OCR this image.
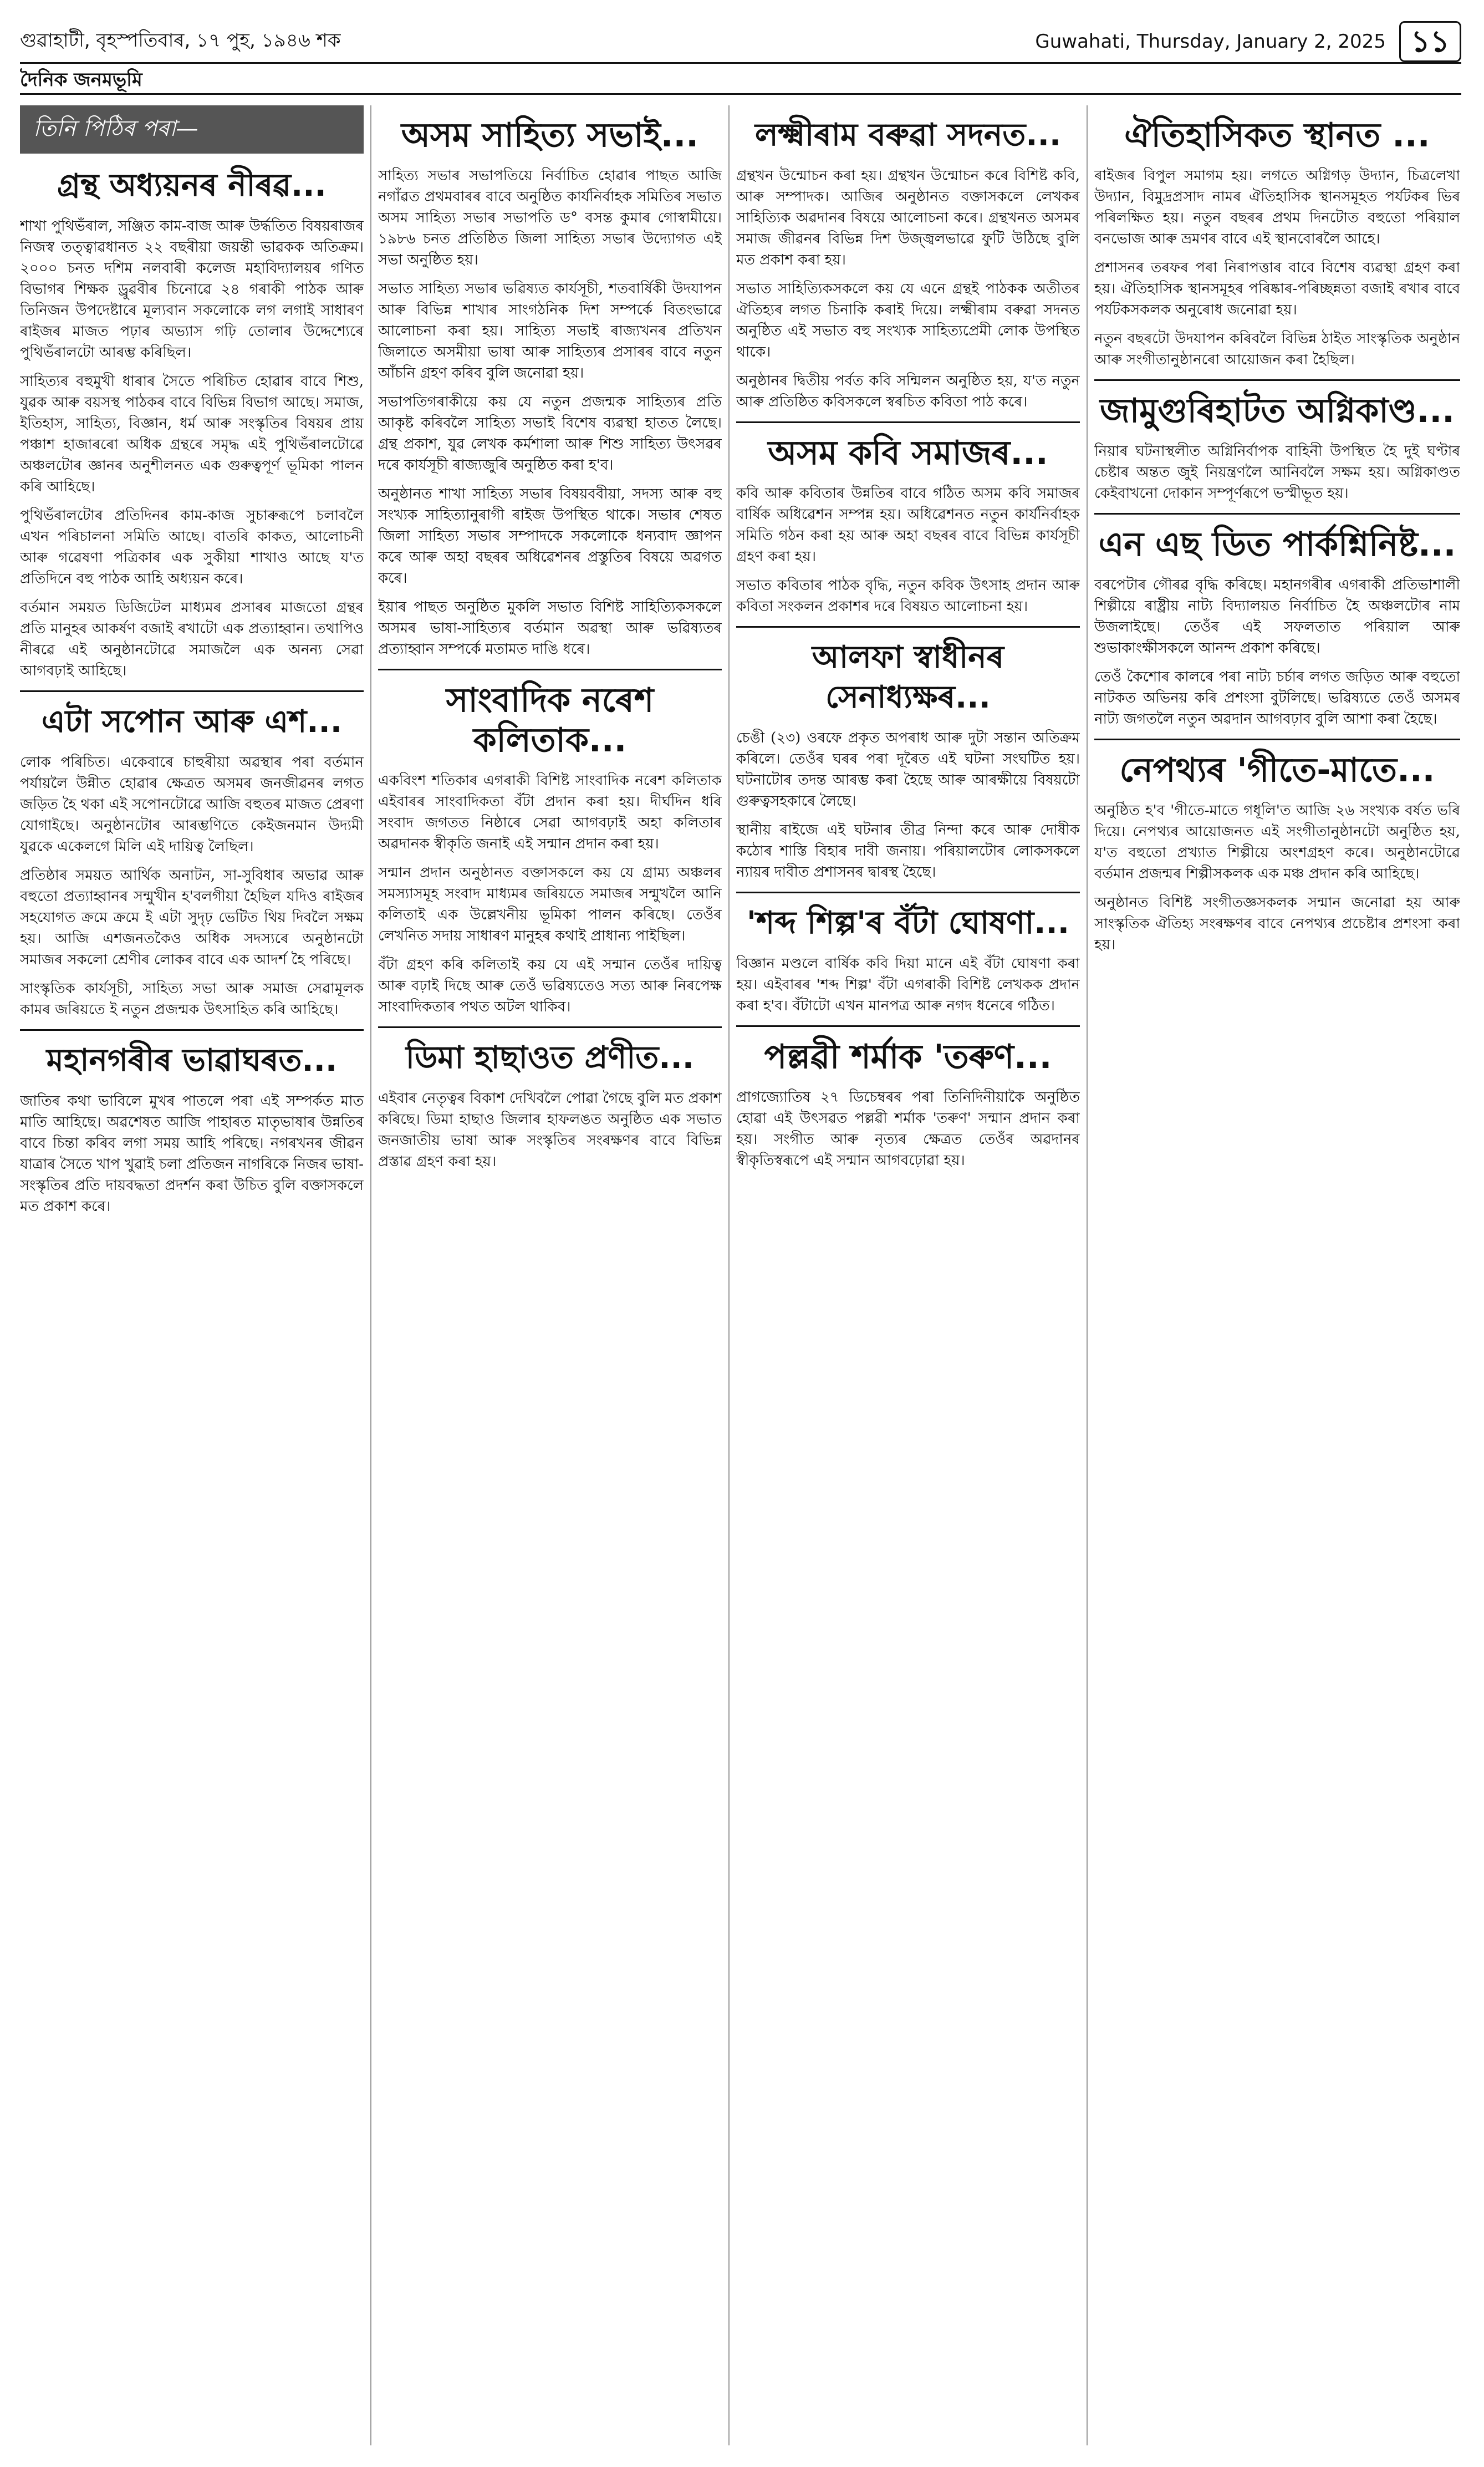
গুৱাহাটী, বৃহস্পতিবাৰ, ১৭ পুহ, ১৯৪৬ শক	Guwahati, Thursday, January 2, 2025 ১১
দৈনিক জনমভূমি
তিনি পিঠিৰ পৰা—
গ্ৰন্থ অধ্যয়নৰ নীৰৱ...

শাখা পুথিভঁৰাল, সঞ্জিত কাম-বাজ আৰু উৰ্দ্ধতিত বিষয়ৰাজৰ নিজস্ব তত্ত্বাৱধানত ২২ বছৰীয়া জয়ন্তী ভাৱকক অতিক্ৰম। ২০০০ চনত দশিম নলবাৰী কলেজ মহাবিদ্যালয়ৰ গণিত বিভাগৰ শিক্ষক ড্ৰুৱবীৰ চিনোৱে ২৪ গৰাকী পাঠক আৰু তিনিজন উপদেষ্টাৰে মূল্যবান সকলোকে লগ লগাই সাধাৰণ ৰাইজৰ মাজত পঢ়াৰ অভ্যাস গঢ়ি তোলাৰ উদ্দেশ্যেৰে পুথিভঁৰালটো আৰম্ভ কৰিছিল।

সাহিত্যৰ বহুমুখী ধাৰাৰ সৈতে পৰিচিত হোৱাৰ বাবে শিশু, যুৱক আৰু বয়সস্থ পাঠকৰ বাবে বিভিন্ন বিভাগ আছে। সমাজ, ইতিহাস, সাহিত্য, বিজ্ঞান, ধৰ্ম আৰু সংস্কৃতিৰ বিষয়ৰ প্ৰায় পঞ্চাশ হাজাৰৰো অধিক গ্ৰন্থৰে সমৃদ্ধ এই পুথিভঁৰালটোৱে অঞ্চলটোৰ জ্ঞানৰ অনুশীলনত এক গুৰুত্বপূৰ্ণ ভূমিকা পালন কৰি আহিছে।

পুথিভঁৰালটোৰ প্ৰতিদিনৰ কাম-কাজ সুচাৰুৰূপে চলাবলৈ এখন পৰিচালনা সমিতি আছে। বাতৰি কাকত, আলোচনী আৰু গৱেষণা পত্ৰিকাৰ এক সুকীয়া শাখাও আছে য'ত প্ৰতিদিনে বহু পাঠক আহি অধ্যয়ন কৰে।

বৰ্তমান সময়ত ডিজিটেল মাধ্যমৰ প্ৰসাৰৰ মাজতো গ্ৰন্থৰ প্ৰতি মানুহৰ আকৰ্ষণ বজাই ৰখাটো এক প্ৰত্যাহ্বান। তথাপিও নীৰৱে এই অনুষ্ঠানটোৱে সমাজলৈ এক অনন্য সেৱা আগবঢ়াই আহিছে।

এটা সপোন আৰু এশ...

লোক পৰিচিত। একেবাৰে চাহুৰীয়া অৱস্থাৰ পৰা বৰ্তমান পৰ্যায়লৈ উন্নীত হোৱাৰ ক্ষেত্ৰত অসমৰ জনজীৱনৰ লগত জড়িত হৈ থকা এই সপোনটোৱে আজি বহুতৰ মাজত প্ৰেৰণা যোগাইছে। অনুষ্ঠানটোৰ আৰম্ভণিতে কেইজনমান উদ্যমী যুৱকে একেলগে মিলি এই দায়িত্ব লৈছিল।

প্ৰতিষ্ঠাৰ সময়ত আৰ্থিক অনাটন, সা-সুবিধাৰ অভাৱ আৰু বহুতো প্ৰত্যাহ্বানৰ সন্মুখীন হ'বলগীয়া হৈছিল যদিও ৰাইজৰ সহযোগত ক্ৰমে ক্ৰমে ই এটা সুদৃঢ় ভেটিত থিয় দিবলৈ সক্ষম হয়। আজি এশজনতকৈও অধিক সদস্যৰে অনুষ্ঠানটো সমাজৰ সকলো শ্ৰেণীৰ লোকৰ বাবে এক আদৰ্শ হৈ পৰিছে।

সাংস্কৃতিক কাৰ্যসূচী, সাহিত্য সভা আৰু সমাজ সেৱামূলক কামৰ জৰিয়তে ই নতুন প্ৰজন্মক উৎসাহিত কৰি আহিছে।

মহানগৰীৰ ভাৱাঘৰত...

জাতিৰ কথা ভাবিলে মুখৰ পাতলে পৰা এই সম্পৰ্কত মাত মাতি আহিছে। অৱশেষত আজি পাহাৰত মাতৃভাষাৰ উন্নতিৰ বাবে চিন্তা কৰিব লগা সময় আহি পৰিছে। নগৰখনৰ জীৱন যাত্ৰাৰ সৈতে খাপ খুৱাই চলা প্ৰতিজন নাগৰিকে নিজৰ ভাষা-সংস্কৃতিৰ প্ৰতি দায়বদ্ধতা প্ৰদৰ্শন কৰা উচিত বুলি বক্তাসকলে মত প্ৰকাশ কৰে।

অসম সাহিত্য সভাই...

সাহিত্য সভাৰ সভাপতিয়ে নিৰ্বাচিত হোৱাৰ পাছত আজি নগাঁৱত প্ৰথমবাৰৰ বাবে অনুষ্ঠিত কাৰ্যনিৰ্বাহক সমিতিৰ সভাত অসম সাহিত্য সভাৰ সভাপতি ড° বসন্ত কুমাৰ গোস্বামীয়ে। ১৯৮৬ চনত প্ৰতিষ্ঠিত জিলা সাহিত্য সভাৰ উদ্যোগত এই সভা অনুষ্ঠিত হয়।

সভাত সাহিত্য সভাৰ ভৱিষ্যত কাৰ্যসূচী, শতবাৰ্ষিকী উদযাপন আৰু বিভিন্ন শাখাৰ সাংগঠনিক দিশ সম্পৰ্কে বিতংভাৱে আলোচনা কৰা হয়। সাহিত্য সভাই ৰাজ্যখনৰ প্ৰতিখন জিলাতে অসমীয়া ভাষা আৰু সাহিত্যৰ প্ৰসাৰৰ বাবে নতুন আঁচনি গ্ৰহণ কৰিব বুলি জনোৱা হয়।

সভাপতিগৰাকীয়ে কয় যে নতুন প্ৰজন্মক সাহিত্যৰ প্ৰতি আকৃষ্ট কৰিবলৈ সাহিত্য সভাই বিশেষ ব্যৱস্থা হাতত লৈছে। গ্ৰন্থ প্ৰকাশ, যুৱ লেখক কৰ্মশালা আৰু শিশু সাহিত্য উৎসৱৰ দৰে কাৰ্যসূচী ৰাজ্যজুৰি অনুষ্ঠিত কৰা হ'ব।

অনুষ্ঠানত শাখা সাহিত্য সভাৰ বিষয়ববীয়া, সদস্য আৰু বহু সংখ্যক সাহিত্যানুৰাগী ৰাইজ উপস্থিত থাকে। সভাৰ শেষত জিলা সাহিত্য সভাৰ সম্পাদকে সকলোকে ধন্যবাদ জ্ঞাপন কৰে আৰু অহা বছৰৰ অধিৱেশনৰ প্ৰস্তুতিৰ বিষয়ে অৱগত কৰে।

ইয়াৰ পাছত অনুষ্ঠিত মুকলি সভাত বিশিষ্ট সাহিত্যিকসকলে অসমৰ ভাষা-সাহিত্যৰ বৰ্তমান অৱস্থা আৰু ভৱিষ্যতৰ প্ৰত্যাহ্বান সম্পৰ্কে মতামত দাঙি ধৰে।

সাংবাদিক নৰেশ কলিতাক...

একবিংশ শতিকাৰ এগৰাকী বিশিষ্ট সাংবাদিক নৰেশ কলিতাক এইবাৰৰ সাংবাদিকতা বঁটা প্ৰদান কৰা হয়। দীৰ্ঘদিন ধৰি সংবাদ জগতত নিষ্ঠাৰে সেৱা আগবঢ়াই অহা কলিতাৰ অৱদানক স্বীকৃতি জনাই এই সন্মান প্ৰদান কৰা হয়।

সন্মান প্ৰদান অনুষ্ঠানত বক্তাসকলে কয় যে গ্ৰাম্য অঞ্চলৰ সমস্যাসমূহ সংবাদ মাধ্যমৰ জৰিয়তে সমাজৰ সন্মুখলৈ আনি কলিতাই এক উল্লেখনীয় ভূমিকা পালন কৰিছে। তেওঁৰ লেখনিত সদায় সাধাৰণ মানুহৰ কথাই প্ৰাধান্য পাইছিল।

বঁটা গ্ৰহণ কৰি কলিতাই কয় যে এই সন্মান তেওঁৰ দায়িত্ব আৰু বঢ়াই দিছে আৰু তেওঁ ভৱিষ্যতেও সত্য আৰু নিৰপেক্ষ সাংবাদিকতাৰ পথত অটল থাকিব।

ডিমা হাছাওত প্ৰণীত...

এইবাৰ নেতৃত্বৰ বিকাশ দেখিবলৈ পোৱা গৈছে বুলি মত প্ৰকাশ কৰিছে। ডিমা হাছাও জিলাৰ হাফলঙত অনুষ্ঠিত এক সভাত জনজাতীয় ভাষা আৰু সংস্কৃতিৰ সংৰক্ষণৰ বাবে বিভিন্ন প্ৰস্তাৱ গ্ৰহণ কৰা হয়।

লক্ষ্মীৰাম বৰুৱা সদনত...

গ্ৰন্থখন উন্মোচন কৰা হয়। গ্ৰন্থখন উন্মোচন কৰে বিশিষ্ট কবি, আৰু সম্পাদক। আজিৰ অনুষ্ঠানত বক্তাসকলে লেখকৰ সাহিত্যিক অৱদানৰ বিষয়ে আলোচনা কৰে। গ্ৰন্থখনত অসমৰ সমাজ জীৱনৰ বিভিন্ন দিশ উজ্জ্বলভাৱে ফুটি উঠিছে বুলি মত প্ৰকাশ কৰা হয়।

সভাত সাহিত্যিকসকলে কয় যে এনে গ্ৰন্থই পাঠকক অতীতৰ ঐতিহ্যৰ লগত চিনাকি কৰাই দিয়ে। লক্ষ্মীৰাম বৰুৱা সদনত অনুষ্ঠিত এই সভাত বহু সংখ্যক সাহিত্যপ্ৰেমী লোক উপস্থিত থাকে।

অনুষ্ঠানৰ দ্বিতীয় পৰ্বত কবি সন্মিলন অনুষ্ঠিত হয়, য'ত নতুন আৰু প্ৰতিষ্ঠিত কবিসকলে স্বৰচিত কবিতা পাঠ কৰে।

অসম কবি সমাজৰ...

কবি আৰু কবিতাৰ উন্নতিৰ বাবে গঠিত অসম কবি সমাজৰ বাৰ্ষিক অধিৱেশন সম্পন্ন হয়। অধিৱেশনত নতুন কাৰ্যনিৰ্বাহক সমিতি গঠন কৰা হয় আৰু অহা বছৰৰ বাবে বিভিন্ন কাৰ্যসূচী গ্ৰহণ কৰা হয়।

সভাত কবিতাৰ পাঠক বৃদ্ধি, নতুন কবিক উৎসাহ প্ৰদান আৰু কবিতা সংকলন প্ৰকাশৰ দৰে বিষয়ত আলোচনা হয়।

আলফা স্বাধীনৰ সেনাধ্যক্ষৰ...

চেঙী (২৩) ওৰফে প্ৰকৃত অপৰাধ আৰু দুটা সন্তান অতিক্ৰম কৰিলে। তেওঁৰ ঘৰৰ পৰা দূৰৈত এই ঘটনা সংঘটিত হয়। ঘটনাটোৰ তদন্ত আৰম্ভ কৰা হৈছে আৰু আৰক্ষীয়ে বিষয়টো গুৰুত্বসহকাৰে লৈছে।

স্থানীয় ৰাইজে এই ঘটনাৰ তীব্ৰ নিন্দা কৰে আৰু দোষীক কঠোৰ শাস্তি বিহাৰ দাবী জনায়। পৰিয়ালটোৰ লোকসকলে ন্যায়ৰ দাবীত প্ৰশাসনৰ দ্বাৰস্থ হৈছে।

'শব্দ শিল্প'ৰ বঁটা ঘোষণা...

বিজ্ঞান মণ্ডলে বাৰ্ষিক কবি দিয়া মানে এই বঁটা ঘোষণা কৰা হয়। এইবাৰৰ 'শব্দ শিল্প' বঁটা এগৰাকী বিশিষ্ট লেখকক প্ৰদান কৰা হ'ব। বঁটাটো এখন মানপত্ৰ আৰু নগদ ধনেৰে গঠিত।

পল্লৱী শৰ্মাক 'তৰুণ...

প্ৰাগজ্যোতিষ ২৭ ডিচেম্বৰৰ পৰা তিনিদিনীয়াকৈ অনুষ্ঠিত হোৱা এই উৎসৱত পল্লৱী শৰ্মাক 'তৰুণ' সন্মান প্ৰদান কৰা হয়। সংগীত আৰু নৃত্যৰ ক্ষেত্ৰত তেওঁৰ অৱদানৰ স্বীকৃতিস্বৰূপে এই সন্মান আগবঢ়োৱা হয়।

ঐতিহাসিকত স্থানত ...

ৰাইজৰ বিপুল সমাগম হয়। লগতে অগ্নিগড় উদ্যান, চিত্ৰলেখা উদ্যান, বিমুদ্ৰপ্ৰসাদ নামৰ ঐতিহাসিক স্থানসমূহত পৰ্যটকৰ ভিৰ পৰিলক্ষিত হয়। নতুন বছৰৰ প্ৰথম দিনটোত বহুতো পৰিয়াল বনভোজ আৰু ভ্ৰমণৰ বাবে এই স্থানবোৰলৈ আহে।

প্ৰশাসনৰ তৰফৰ পৰা নিৰাপত্তাৰ বাবে বিশেষ ব্যৱস্থা গ্ৰহণ কৰা হয়। ঐতিহাসিক স্থানসমূহৰ পৰিষ্কাৰ-পৰিচ্ছন্নতা বজাই ৰখাৰ বাবে পৰ্যটকসকলক অনুৰোধ জনোৱা হয়।

নতুন বছৰটো উদযাপন কৰিবলৈ বিভিন্ন ঠাইত সাংস্কৃতিক অনুষ্ঠান আৰু সংগীতানুষ্ঠানৰো আয়োজন কৰা হৈছিল।

জামুগুৰিহাটত অগ্নিকাণ্ড...

নিয়াৰ ঘটনাস্থলীত অগ্নিনিৰ্বাপক বাহিনী উপস্থিত হৈ দুই ঘণ্টাৰ চেষ্টাৰ অন্তত জুই নিয়ন্ত্ৰণলৈ আনিবলৈ সক্ষম হয়। অগ্নিকাণ্ডত কেইবাখনো দোকান সম্পূৰ্ণৰূপে ভস্মীভূত হয়।

এন এছ ডিত পাৰ্কশ্নিনিষ্ট...

বৰপেটাৰ গৌৰৱ বৃদ্ধি কৰিছে। মহানগৰীৰ এগৰাকী প্ৰতিভাশালী শিল্পীয়ে ৰাষ্ট্ৰীয় নাট্য বিদ্যালয়ত নিৰ্বাচিত হৈ অঞ্চলটোৰ নাম উজলাইছে। তেওঁৰ এই সফলতাত পৰিয়াল আৰু শুভাকাংক্ষীসকলে আনন্দ প্ৰকাশ কৰিছে।

তেওঁ কৈশোৰ কালৰে পৰা নাট্য চৰ্চাৰ লগত জড়িত আৰু বহুতো নাটকত অভিনয় কৰি প্ৰশংসা বুটলিছে। ভৱিষ্যতে তেওঁ অসমৰ নাট্য জগতলৈ নতুন অৱদান আগবঢ়াব বুলি আশা কৰা হৈছে।

নেপথ্যৰ 'গীতে-মাতে...

অনুষ্ঠিত হ'ব 'গীতে-মাতে গধূলি'ত আজি ২৬ সংখ্যক বৰ্ষত ভৰি দিয়ে। নেপথ্যৰ আয়োজনত এই সংগীতানুষ্ঠানটো অনুষ্ঠিত হয়, য'ত বহুতো প্ৰখ্যাত শিল্পীয়ে অংশগ্ৰহণ কৰে। অনুষ্ঠানটোৱে বৰ্তমান প্ৰজন্মৰ শিল্পীসকলক এক মঞ্চ প্ৰদান কৰি আহিছে।

অনুষ্ঠানত বিশিষ্ট সংগীতজ্ঞসকলক সন্মান জনোৱা হয় আৰু সাংস্কৃতিক ঐতিহ্য সংৰক্ষণৰ বাবে নেপথ্যৰ প্ৰচেষ্টাৰ প্ৰশংসা কৰা হয়।
